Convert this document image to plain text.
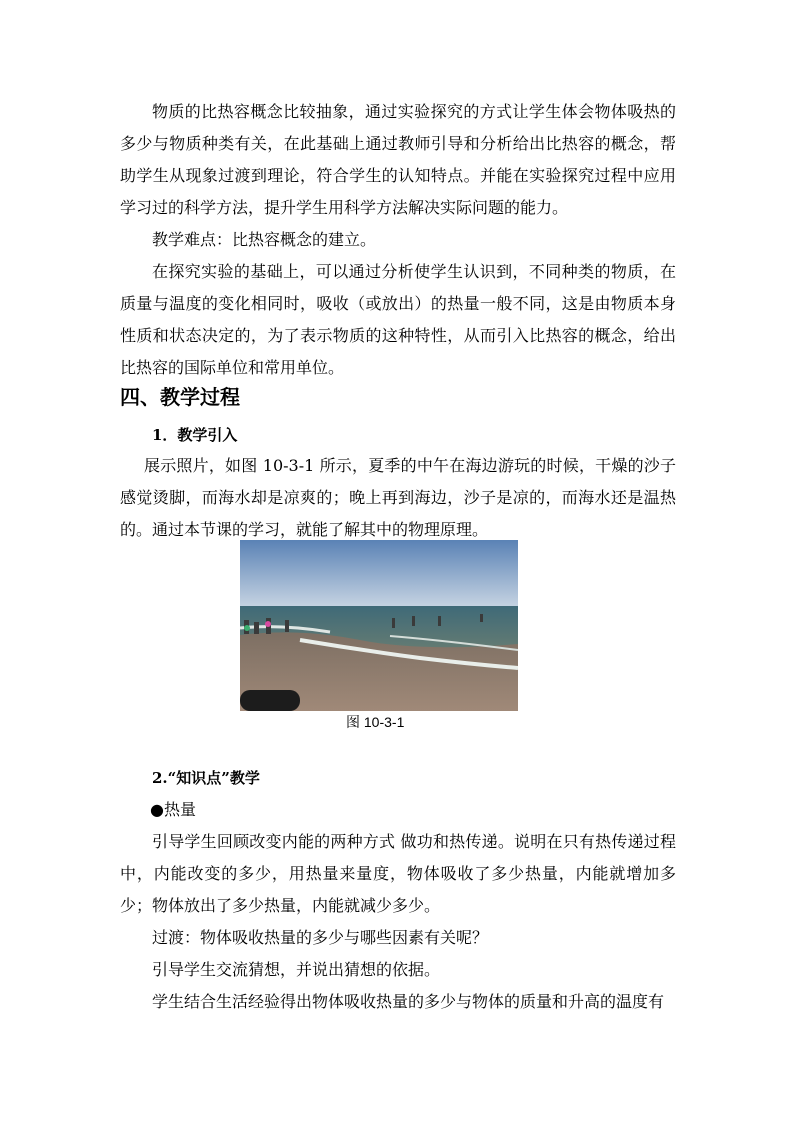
物质的比热容概念比较抽象，通过实验探究的方式让学生体会物体吸热的多少与物质种类有关，在此基础上通过教师引导和分析给出比热容的概念，帮助学生从现象过渡到理论，符合学生的认知特点。并能在实验探究过程中应用学习过的科学方法，提升学生用科学方法解决实际问题的能力。
教学难点：比热容概念的建立。
在探究实验的基础上，可以通过分析使学生认识到，不同种类的物质，在质量与温度的变化相同时，吸收（或放出）的热量一般不同，这是由物质本身性质和状态决定的，为了表示物质的这种特性，从而引入比热容的概念，给出比热容的国际单位和常用单位。
四、教学过程
1．教学引入
展示照片，如图 10-3-1 所示，夏季的中午在海边游玩的时候，干燥的沙子感觉烫脚，而海水却是凉爽的；晚上再到海边，沙子是凉的，而海水还是温热的。通过本节课的学习，就能了解其中的物理原理。
图 10-3-1
2.“知识点”教学
●热量
引导学生回顾改变内能的两种方式 做功和热传递。说明在只有热传递过程中，内能改变的多少，用热量来量度，物体吸收了多少热量，内能就增加多少；物体放出了多少热量，内能就减少多少。
过渡：物体吸收热量的多少与哪些因素有关呢？
引导学生交流猜想，并说出猜想的依据。
学生结合生活经验得出物体吸收热量的多少与物体的质量和升高的温度有
